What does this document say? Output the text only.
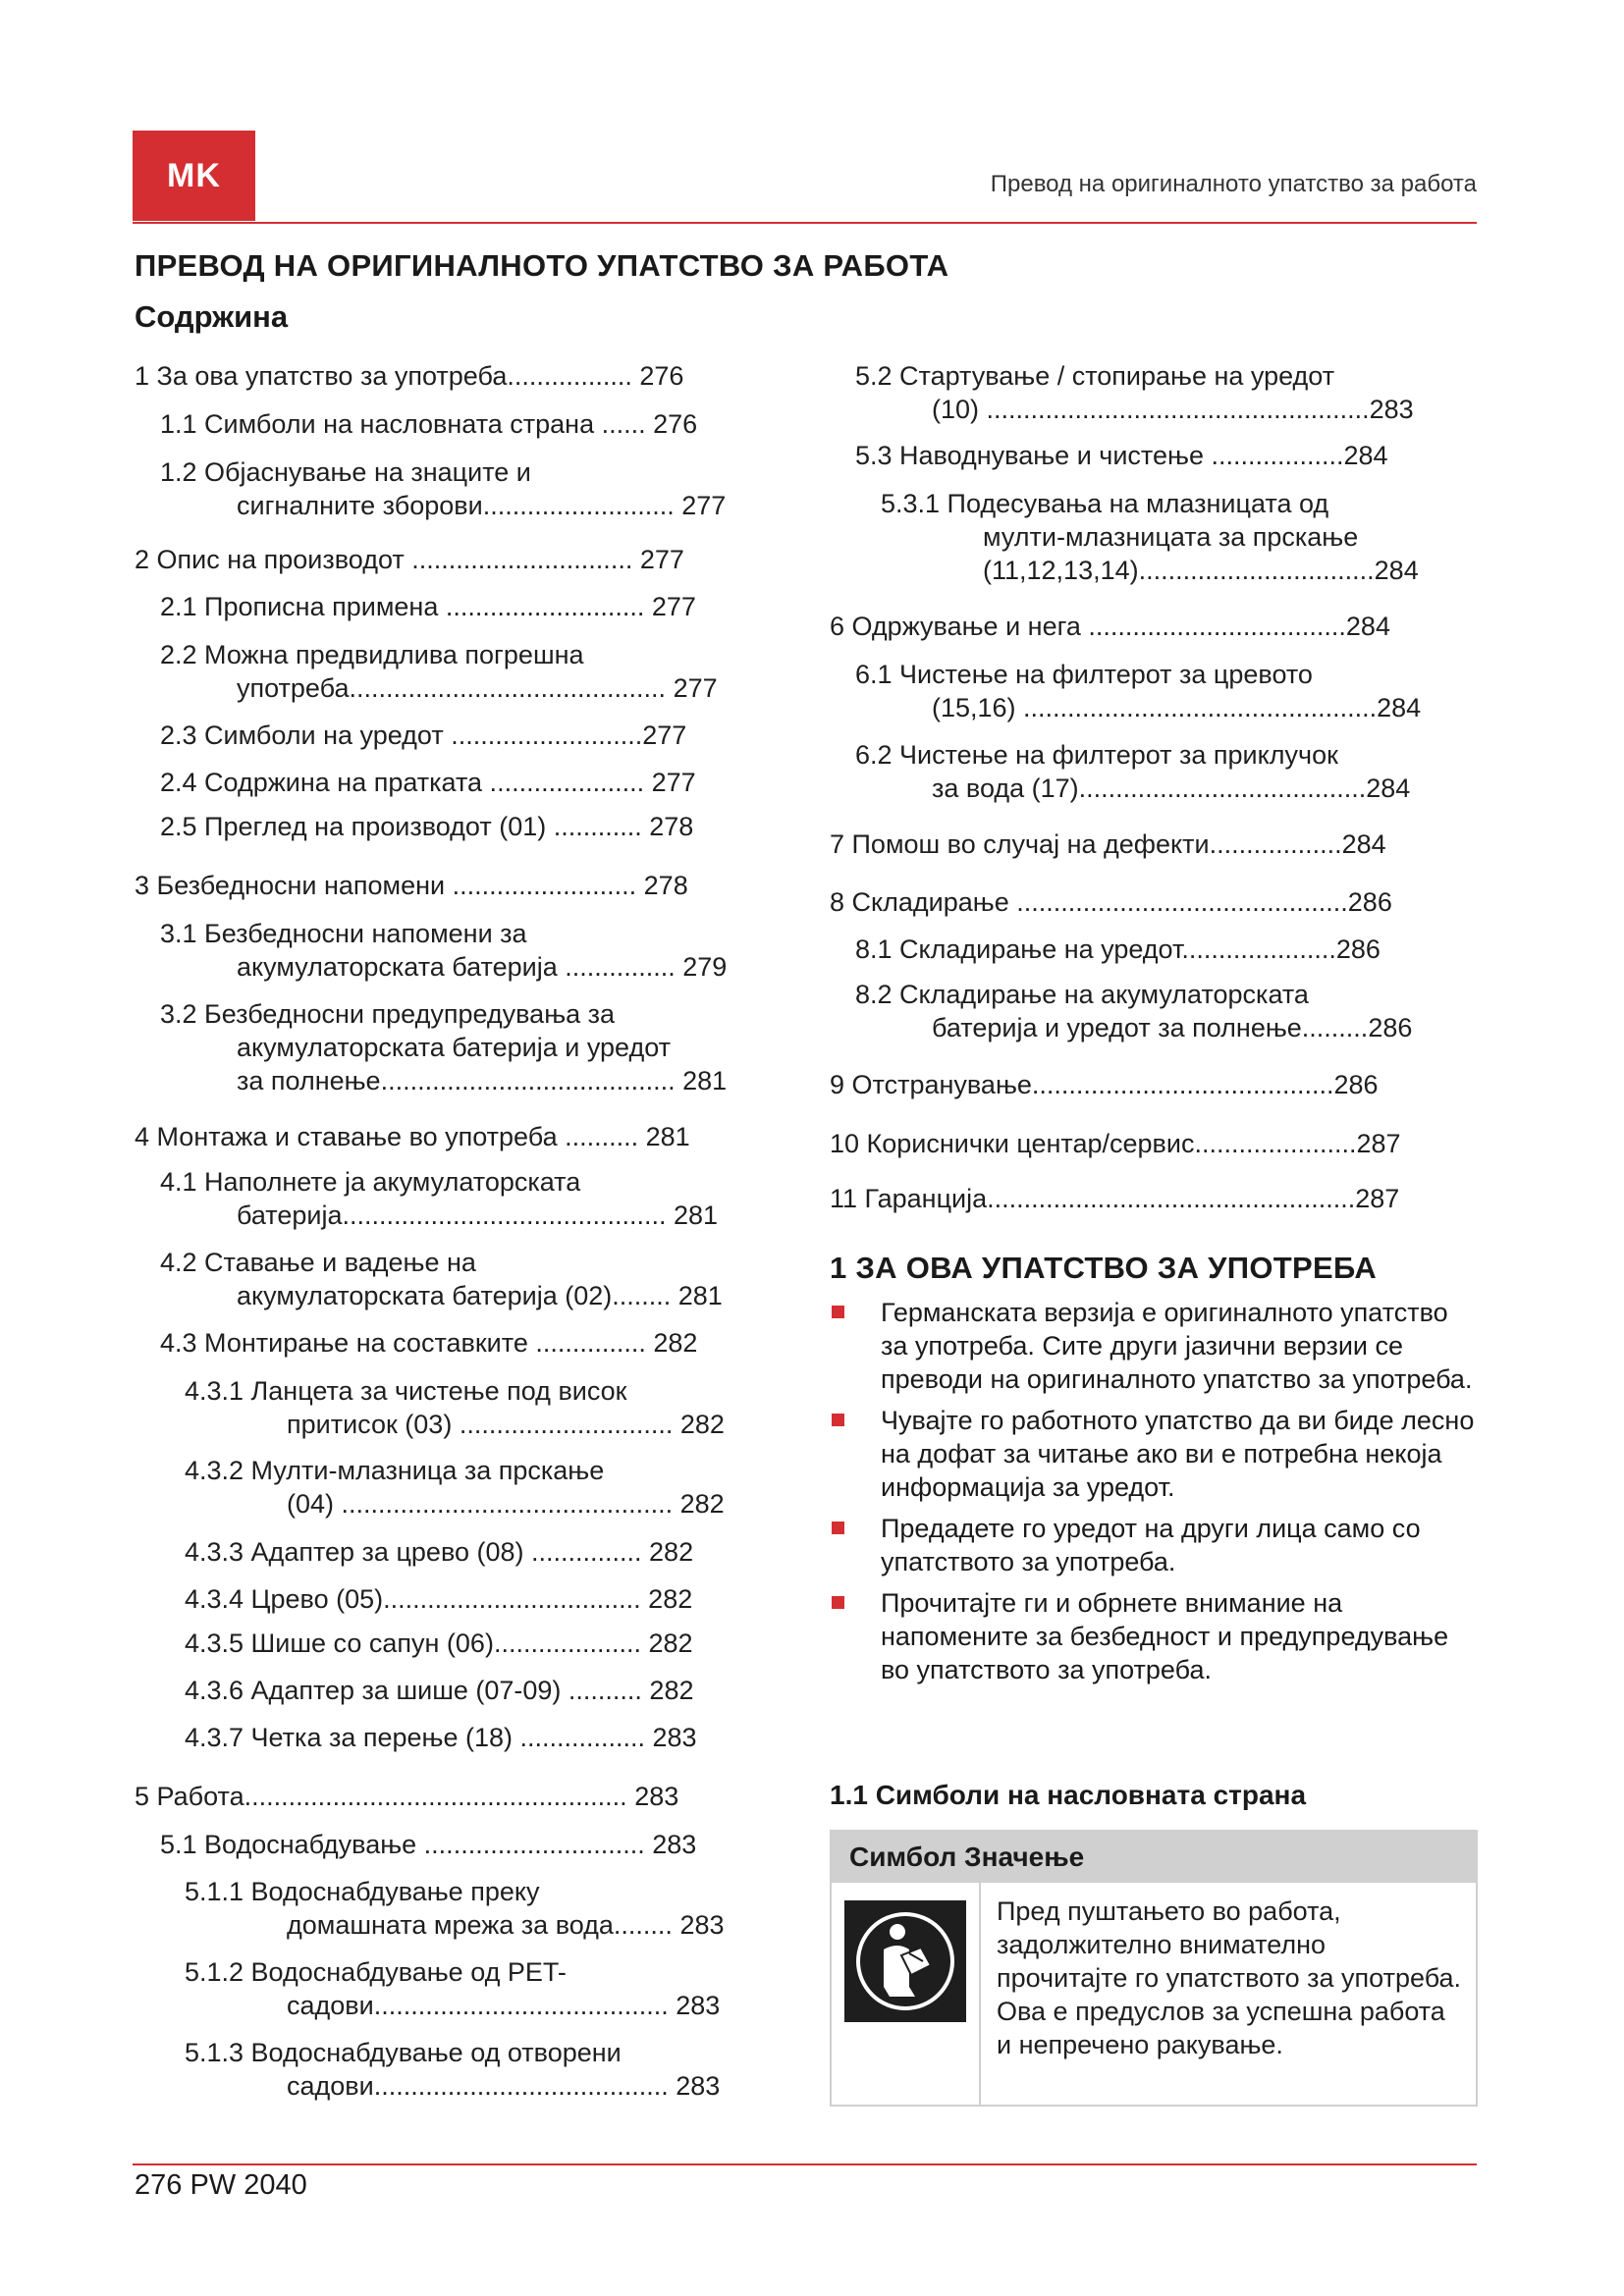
MK	Превод на оригиналното упатство за работа
ПРЕВОД НА ОРИГИНАЛНОТО УПАТСТВО ЗА РАБОТА
Содржина
1 За ова упатство за употреба................. 276
1.1 Симболи на насловната страна ...... 276
1.2 Објаснување на знаците и
сигналните зборови.......................... 277
2 Опис на производот .............................. 277
2.1 Прописна примена ........................... 277
2.2 Можна предвидлива погрешна
употреба........................................... 277
2.3 Симболи на уредот ..........................277
2.4 Содржина на пратката ..................... 277
2.5 Преглед на производот (01) ............ 278
3 Безбедносни напомени ......................... 278
3.1 Безбедносни напомени за
акумулаторската батерија ............... 279
3.2 Безбедносни предупредувања за
акумулаторската батерија и уредот
за полнење........................................ 281
4 Монтажа и ставање во употреба .......... 281
4.1 Наполнете ја акумулаторската
батерија............................................ 281
4.2 Ставање и вадење на
акумулаторската батерија (02)........ 281
4.3 Монтирање на составките ............... 282
4.3.1 Ланцета за чистење под висок
притисок (03) ............................. 282
4.3.2 Мулти-млазница за прскање
(04) ............................................. 282
4.3.3 Адаптер за црево (08) ............... 282
4.3.4 Црево (05)................................... 282
4.3.5 Шише со сапун (06).................... 282
4.3.6 Адаптер за шише (07-09) .......... 282
4.3.7 Четка за перење (18) ................. 283
5 Работа.................................................... 283
5.1 Водоснабдување .............................. 283
5.1.1 Водоснабдување преку
домашната мрежа за вода........ 283
5.1.2 Водоснабдување од PET-
садови........................................ 283
5.1.3 Водоснабдување од отворени
садови........................................ 283
5.2 Стартување / стопирање на уредот
(10) ....................................................283
5.3 Наводнување и чистење ..................284
5.3.1 Подесувања на млазницата од
мулти-млазницата за прскање
(11,12,13,14)................................284
6 Одржување и нега ...................................284
6.1 Чистење на филтерот за цревото
(15,16) ................................................284
6.2 Чистење на филтерот за приклучок
за вода (17).......................................284
7 Помош во случај на дефекти..................284
8 Складирање .............................................286
8.1 Складирање на уредот.....................286
8.2 Складирање на акумулаторската
батерија и уредот за полнење.........286
9 Отстранување.........................................286
10 Кориснички центар/сервис......................287
11 Гаранција..................................................287
1 ЗА ОВА УПАТСТВО ЗА УПОТРЕБА
Германската верзија е оригиналното упатство за употреба. Сите други јазични верзии се преводи на оригиналното упатство за употреба.
Чувајте го работното упатство да ви биде лесно на дофат за читање ако ви е потребна некоја информација за уредот.
Предадете го уредот на други лица само со упатството за употреба.
Прочитајте ги и обрнете внимание на напомените за безбедност и предупредување во упатството за употреба.
1.1 Симболи на насловната страна
Симбол Значење
Пред пуштањето во работа, задолжително внимателно прочитајте го упатството за употреба. Ова е предуслов за успешна работа и непречено ракување.
276 PW 2040
